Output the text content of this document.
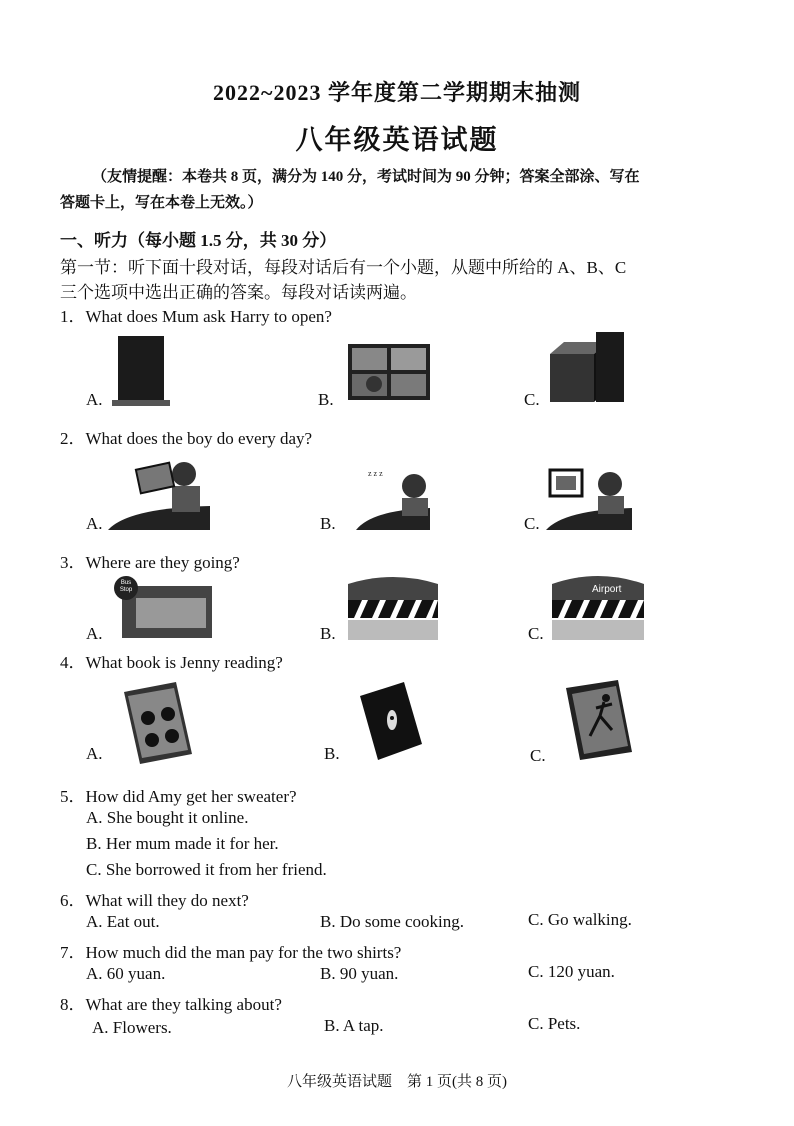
2022~2023 学年度第二学期期末抽测
八年级英语试题
（友情提醒：本卷共 8 页，满分为 140 分，考试时间为 90 分钟；答案全部涂、写在
答题卡上，写在本卷上无效。）
一、听力（每小题 1.5 分，共 30 分）
第一节：听下面十段对话，每段对话后有一个小题，从题中所给的 A、B、C
三个选项中选出正确的答案。每段对话读两遍。
1．What does Mum ask Harry to open?
A.	B.	C.
2．What does the boy do every day?
A.	B.	C.
z z z
3．Where are they going?
A.	B.	C.
Bus Stop	Airport
4．What book is Jenny reading?
A.	B.	C.
5．How did Amy get her sweater?
A. She bought it online.
B. Her mum made it for her.
C. She borrowed it from her friend.
6．What will they do next?
A. Eat out.	B. Do some cooking.	C. Go walking.
7．How much did the man pay for the two shirts?
A. 60 yuan.	B. 90 yuan.	C. 120 yuan.
8．What are they talking about?
A. Flowers.	B. A tap.	C. Pets.
八年级英语试题　第 1 页(共 8 页)
